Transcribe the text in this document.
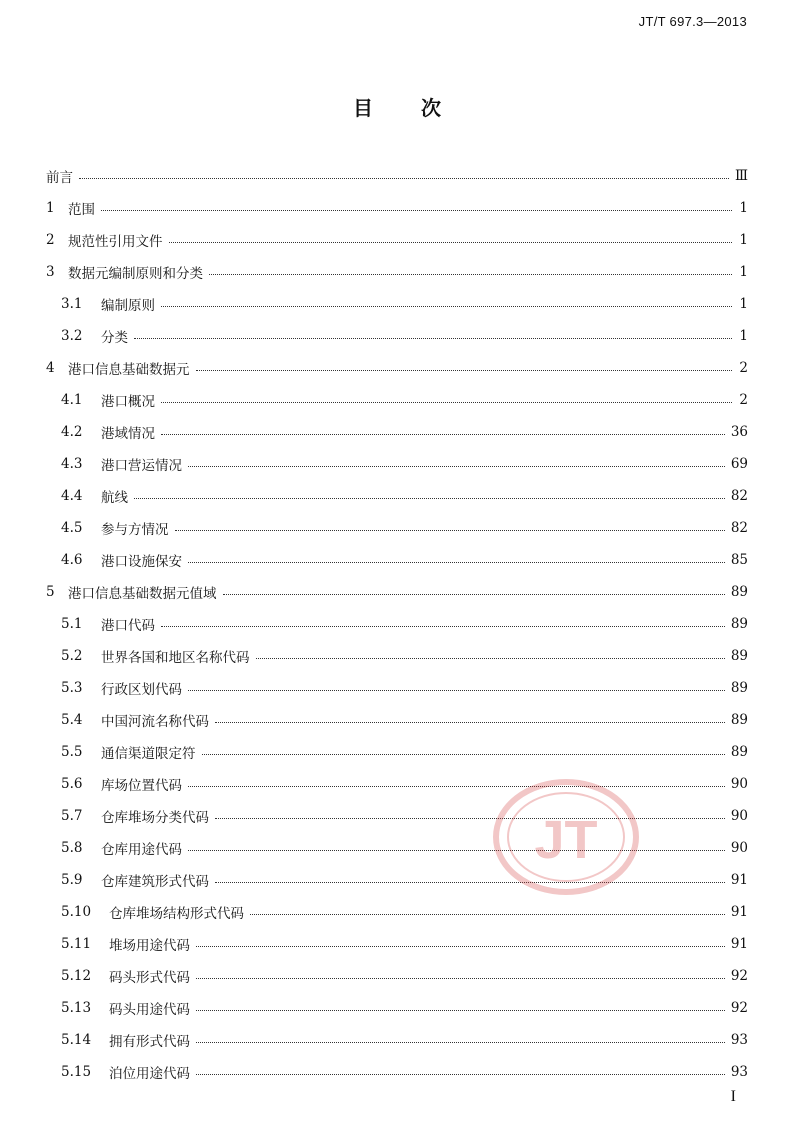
JT/T 697.3—2013
目次
前言	Ⅲ
1 范围	1
2 规范性引用文件	1
3 数据元编制原则和分类	1
3.1	编制原则	1
3.2	分类	1
4 港口信息基础数据元	2
4.1	港口概况	2
4.2	港域情况	36
4.3	港口营运情况	69
4.4	航线	82
4.5	参与方情况	82
4.6	港口设施保安	85
5 港口信息基础数据元值域	89
5.1	港口代码	89
5.2	世界各国和地区名称代码	89
5.3	行政区划代码	89
5.4	中国河流名称代码	89
5.5	通信渠道限定符	89
5.6	库场位置代码	90
5.7	仓库堆场分类代码	90
5.8	仓库用途代码	90
5.9	仓库建筑形式代码	91
5.10	仓库堆场结构形式代码	91
5.11	堆场用途代码	91
5.12	码头形式代码	92
5.13	码头用途代码	92
5.14	拥有形式代码	93
5.15	泊位用途代码	93
JT
I
